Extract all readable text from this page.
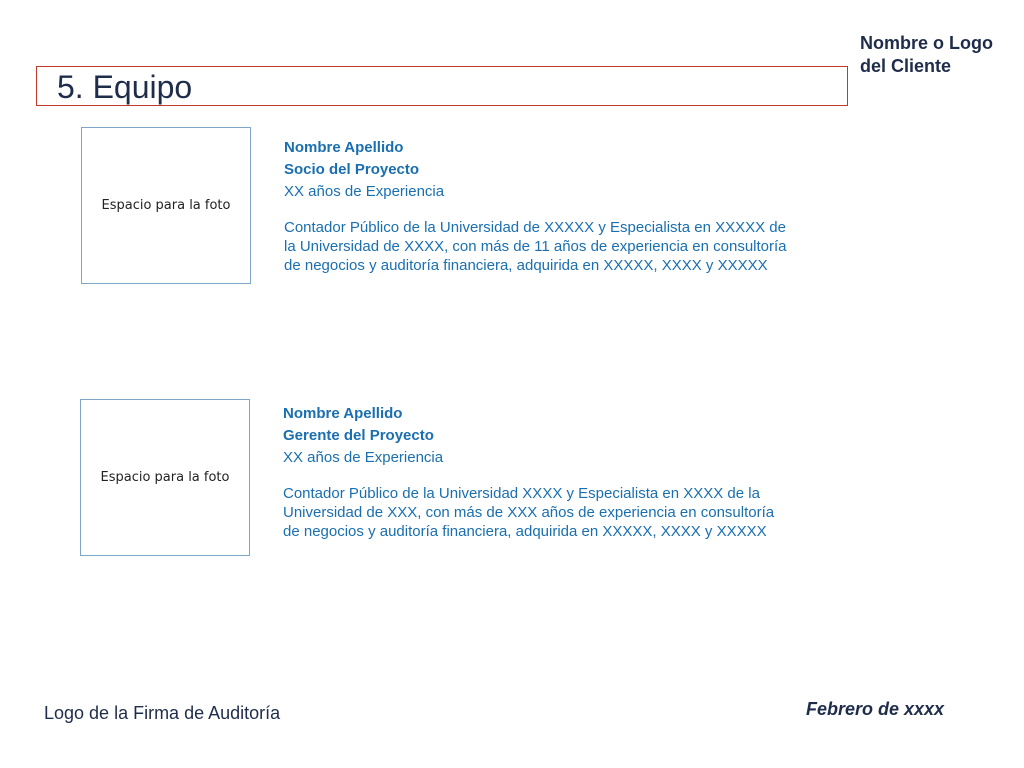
Nombre o Logo
del Cliente
5. Equipo
Espacio para la foto
Nombre Apellido
Socio del Proyecto
XX años de Experiencia
Contador Público de la Universidad de XXXXX y Especialista en XXXXX de
la Universidad de XXXX, con más de 11 años de experiencia en consultoría
de negocios y auditoría financiera, adquirida en XXXXX, XXXX y XXXXX
Espacio para la foto
Nombre Apellido
Gerente del Proyecto
XX años de Experiencia
Contador Público de la Universidad XXXX y Especialista en XXXX de la
Universidad de XXX, con más de XXX años de experiencia en consultoría
de negocios y auditoría financiera, adquirida en XXXXX, XXXX y XXXXX
Logo de la Firma de Auditoría	Febrero de xxxx
